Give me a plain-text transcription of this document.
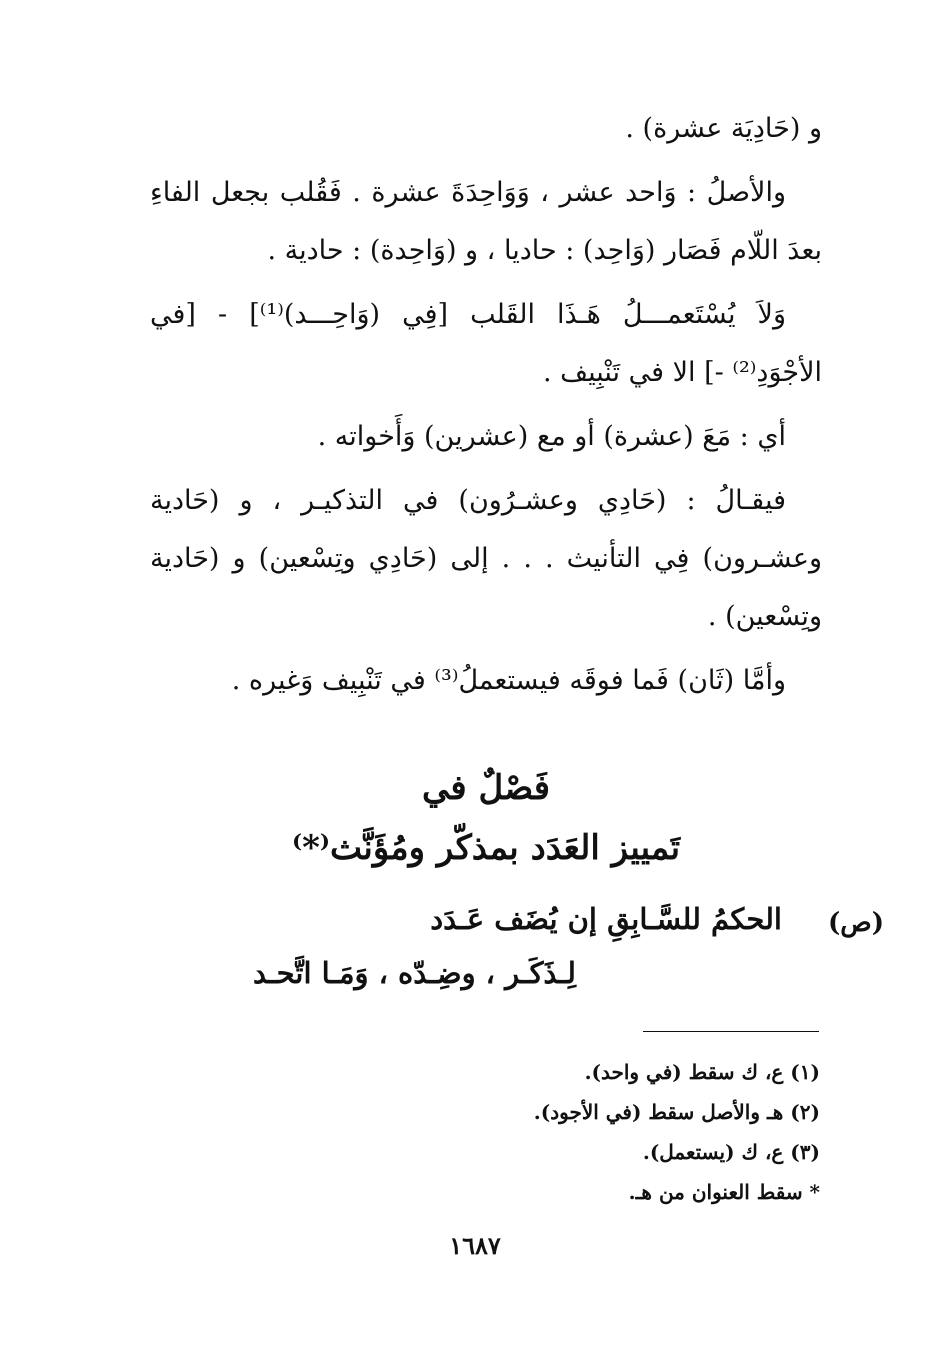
و (حَادِيَة عشرة) .

والأصلُ : وَاحد عشر ، وَوَاحِدَةَ عشرة . فَقُلب بجعل الفاءِ بعدَ اللّام فَصَار (وَاحِد) : حاديا ، و (وَاحِدة) : حادية .

وَلاَ يُسْتَعمـــلُ هَـذَا القَلب [فِي (وَاحِـــد)⁽¹⁾] - [في الأجْوَدِ⁽²⁾ -] الا في تَنْبِيف .

أي : مَعَ (عشرة) أو مع (عشرين) وَأَخواته .

فيقـالُ : (حَادِي وعشـرُون) في التذكيـر ، و (حَادية وعشـرون) فِي التأنيث . . . إلى (حَادِي وتِسْعين) و (حَادية وتِسْعين) .

وأمَّا (ثَان) فَما فوقَه فيستعملُ⁽³⁾ في تَنْبِيف وَغيره .

فَصْلٌ في

تَمييز العَدَد بمذكّر ومُؤَنَّث⁽*⁾

(ص)
الحكمُ للسَّـابِقِ إن يُضَف عَـدَد
لِـذَكَـر ، وضِـدّه ، وَمَـا اتَّحـد

(١) ع، ك سقط (في واحد).

(٢) هـ والأصل سقط (في الأجود).

(٣) ع، ك (يستعمل).

* سقط العنوان من هـ.

١٦٨٧
